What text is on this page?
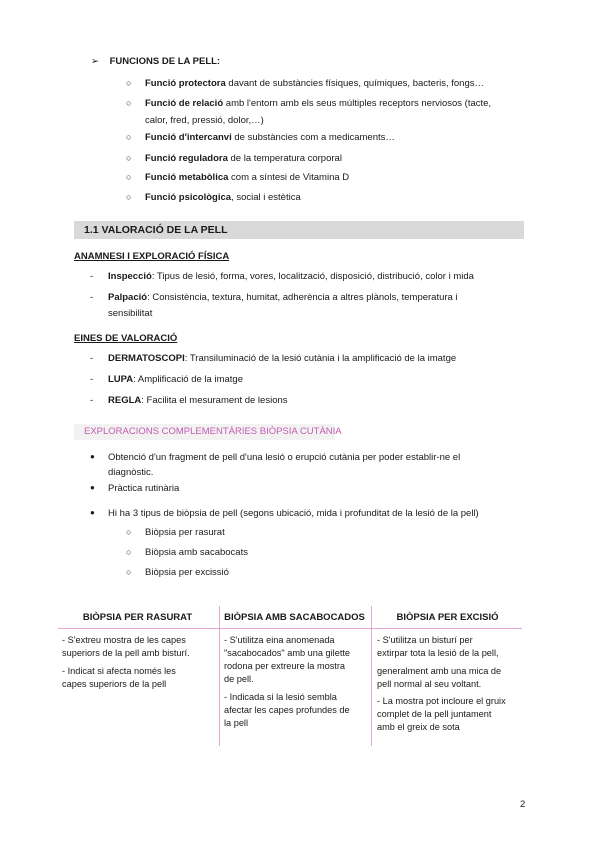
➢ FUNCIONS DE LA PELL:
○ Funció protectora davant de substàncies físiques, químiques, bacteris, fongs…
○ Funció de relació amb l'entorn amb els seus múltiples receptors nerviosos (tacte,
calor, fred, pressió, dolor,…)
○ Funció d'intercanvi de substàncies com a medicaments…
○ Funció reguladora de la temperatura corporal
○ Funció metabòlica com a síntesi de Vitamina D
○ Funció psicològica, social i estètica
1.1 VALORACIÓ DE LA PELL
ANAMNESI I EXPLORACIÓ FÍSICA
- Inspecció: Tipus de lesió, forma, vores, localització, disposició, distribució, color i mida
- Palpació: Consistència, textura, humitat, adherència a altres plànols, temperatura i
sensibilitat
EINES DE VALORACIÓ
- DERMATOSCOPI: Transiluminació de la lesió cutània i la amplificació de la imatge
- LUPA: Amplificació de la imatge
- REGLA: Facilita el mesurament de lesions
EXPLORACIONS COMPLEMENTÀRIES BIÒPSIA CUTÀNIA
● Obtenció d'un fragment de pell d'una lesió o erupció cutània per poder establir-ne el
diagnòstic.
● Pràctica rutinària
● Hi ha 3 tipus de biòpsia de pell (segons ubicació, mida i profunditat de la lesió de la pell)
○ Biòpsia per rasurat
○ Biòpsia amb sacabocats
○ Biòpsia per excissió
BIÒPSIA PER RASURAT	BIÒPSIA AMB SACABOCADOS	BIÒPSIA PER EXCISIÓ
- S'extreu mostra de les capes
superiors de la pell amb bisturí.
- Indicat si afecta només les
capes superiors de la pell
- S'utilitza eina anomenada
"sacabocados" amb una gilette
rodona per extreure la mostra
de pell.
- Indicada si la lesió sembla
afectar les capes profundes de
la pell
- S'utilitza un bisturí per
extirpar tota la lesió de la pell,
generalment amb una mica de
pell normal al seu voltant.
- La mostra pot incloure el gruix
complet de la pell juntament
amb el greix de sota
2
